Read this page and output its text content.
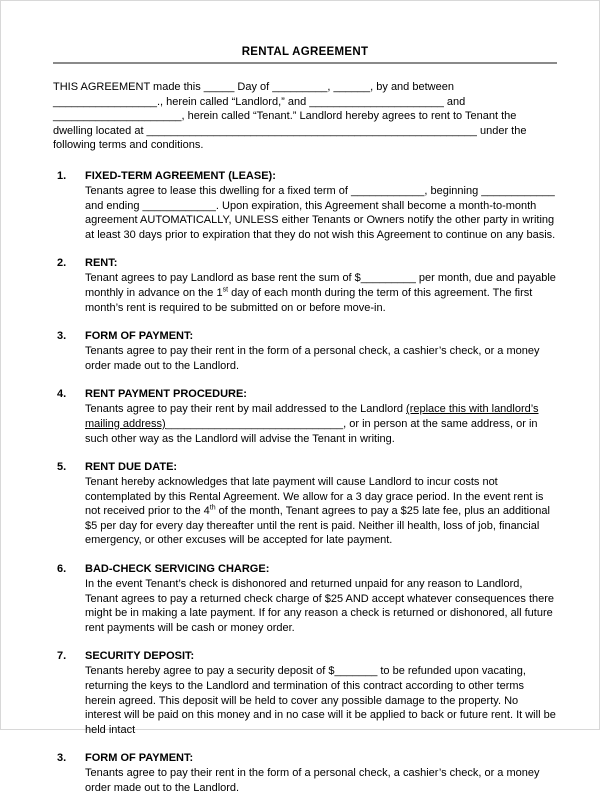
RENTAL AGREEMENT

THIS AGREEMENT made this _____ Day of _________, ______, by and between
_________________., herein called “Landlord,” and ______________________ and
_____________________, herein called “Tenant.” Landlord hereby agrees to rent to Tenant the
dwelling located at ______________________________________________________ under the
following terms and conditions.

1.	FIXED-TERM AGREEMENT (LEASE):
Tenants agree to lease this dwelling for a fixed term of ____________, beginning ____________ and ending ____________. Upon expiration, this Agreement shall become a month-to-month agreement AUTOMATICALLY, UNLESS either Tenants or Owners notify the other party in writing at least 30 days prior to expiration that they do not wish this Agreement to continue on any basis.
2.	RENT:
Tenant agrees to pay Landlord as base rent the sum of $_________ per month, due and payable monthly in advance on the 1st day of each month during the term of this agreement. The first month’s rent is required to be submitted on or before move-in.
3.	FORM OF PAYMENT:
Tenants agree to pay their rent in the form of a personal check, a cashier’s check, or a money order made out to the Landlord.
4.	RENT PAYMENT PROCEDURE:
Tenants agree to pay their rent by mail addressed to the Landlord (replace this with landlord’s mailing address)_____________________________, or in person at the same address, or in such other way as the Landlord will advise the Tenant in writing.
5.	RENT DUE DATE:
Tenant hereby acknowledges that late payment will cause Landlord to incur costs not contemplated by this Rental Agreement. We allow for a 3 day grace period. In the event rent is not received prior to the 4th of the month, Tenant agrees to pay a $25 late fee, plus an additional $5 per day for every day thereafter until the rent is paid. Neither ill health, loss of job, financial emergency, or other excuses will be accepted for late payment.
6.	BAD-CHECK SERVICING CHARGE:
In the event Tenant’s check is dishonored and returned unpaid for any reason to Landlord, Tenant agrees to pay a returned check charge of $25 AND accept whatever consequences there might be in making a late payment. If for any reason a check is returned or dishonored, all future rent payments will be cash or money order.
7.	SECURITY DEPOSIT:
Tenants hereby agree to pay a security deposit of $_______ to be refunded upon vacating, returning the keys to the Landlord and termination of this contract according to other terms herein agreed. This deposit will be held to cover any possible damage to the property. No interest will be paid on this money and in no case will it be applied to back or future rent. It will be held intact
3.	FORM OF PAYMENT:
Tenants agree to pay their rent in the form of a personal check, a cashier’s check, or a money order made out to the Landlord.
